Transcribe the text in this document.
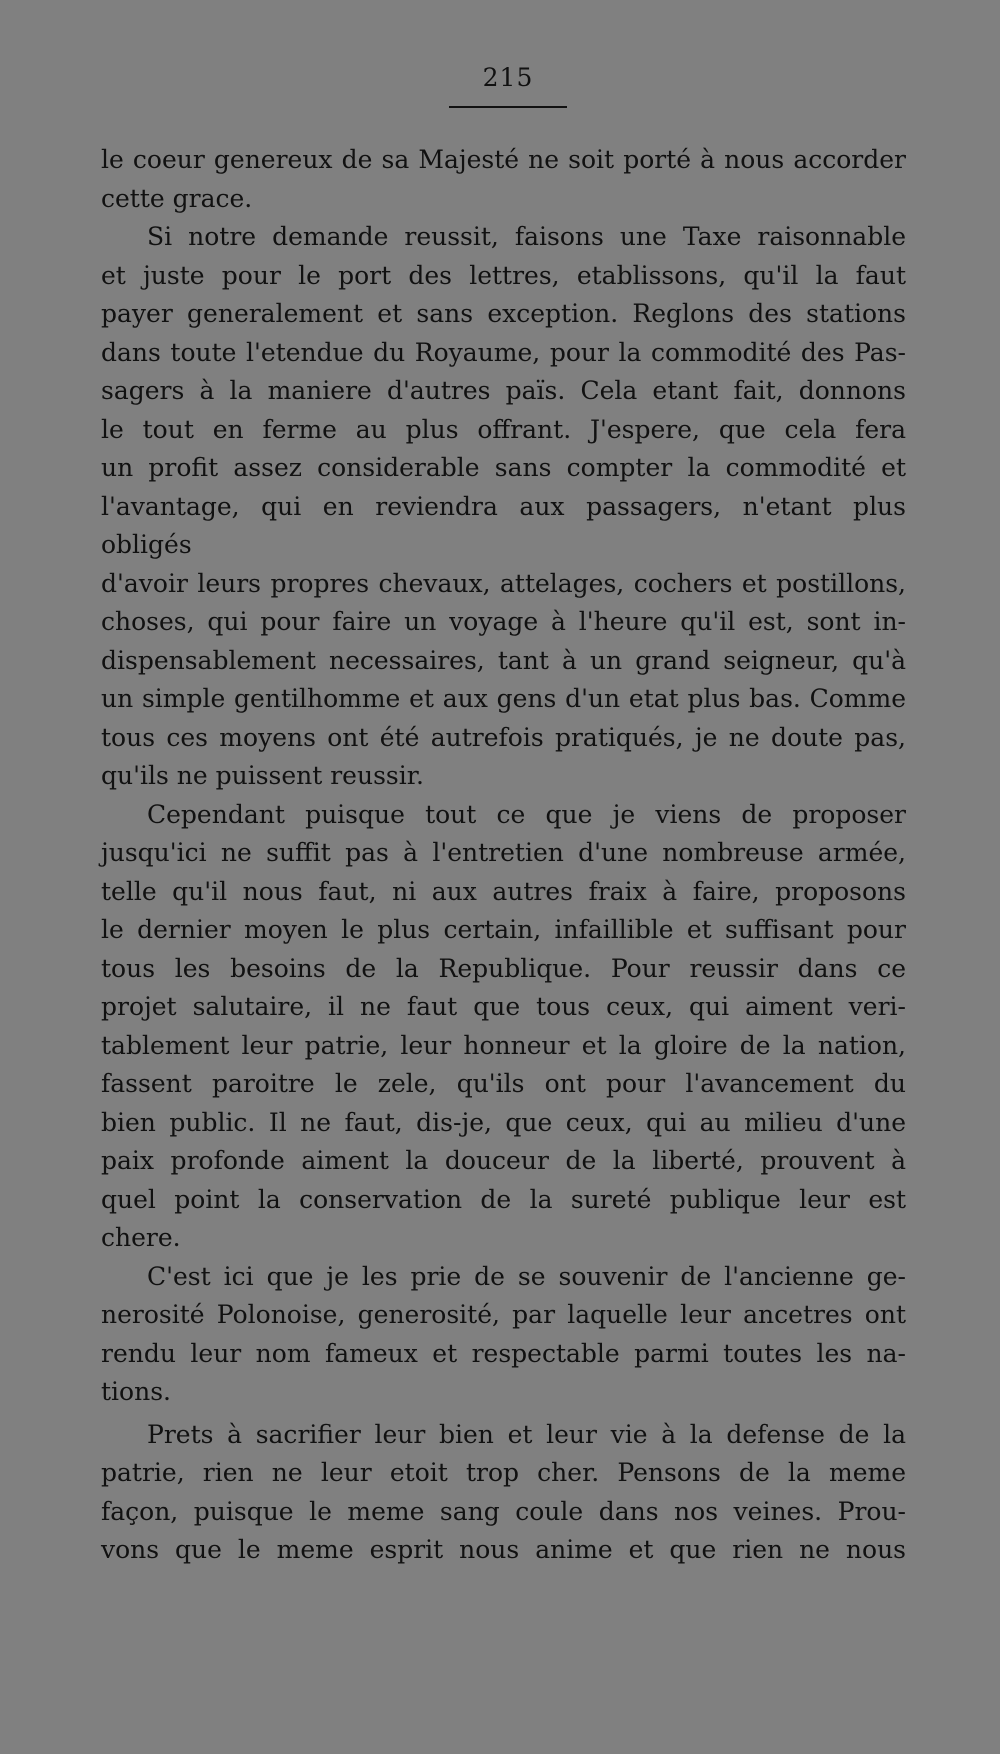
215
le coeur genereux de sa Majesté ne soit porté à nous accorder
cette grace.
Si notre demande reussit, faisons une Taxe raisonnable
et juste pour le port des lettres, etablissons, qu'il la faut
payer generalement et sans exception. Reglons des stations
dans toute l'etendue du Royaume, pour la commodité des Pas-
sagers à la maniere d'autres païs. Cela etant fait, donnons
le tout en ferme au plus offrant. J'espere, que cela fera
un profit assez considerable sans compter la commodité et
l'avantage, qui en reviendra aux passagers, n'etant plus obligés
d'avoir leurs propres chevaux, attelages, cochers et postillons,
choses, qui pour faire un voyage à l'heure qu'il est, sont in-
dispensablement necessaires, tant à un grand seigneur, qu'à
un simple gentilhomme et aux gens d'un etat plus bas. Comme
tous ces moyens ont été autrefois pratiqués, je ne doute pas,
qu'ils ne puissent reussir.
Cependant puisque tout ce que je viens de proposer
jusqu'ici ne suffit pas à l'entretien d'une nombreuse armée,
telle qu'il nous faut, ni aux autres fraix à faire, proposons
le dernier moyen le plus certain, infaillible et suffisant pour
tous les besoins de la Republique. Pour reussir dans ce
projet salutaire, il ne faut que tous ceux, qui aiment veri-
tablement leur patrie, leur honneur et la gloire de la nation,
fassent paroitre le zele, qu'ils ont pour l'avancement du
bien public. Il ne faut, dis-je, que ceux, qui au milieu d'une
paix profonde aiment la douceur de la liberté, prouvent à
quel point la conservation de la sureté publique leur est
chere.
C'est ici que je les prie de se souvenir de l'ancienne ge-
nerosité Polonoise, generosité, par laquelle leur ancetres ont
rendu leur nom fameux et respectable parmi toutes les na-
tions.
Prets à sacrifier leur bien et leur vie à la defense de la
patrie, rien ne leur etoit trop cher. Pensons de la meme
façon, puisque le meme sang coule dans nos veines. Prou-
vons que le meme esprit nous anime et que rien ne nous
